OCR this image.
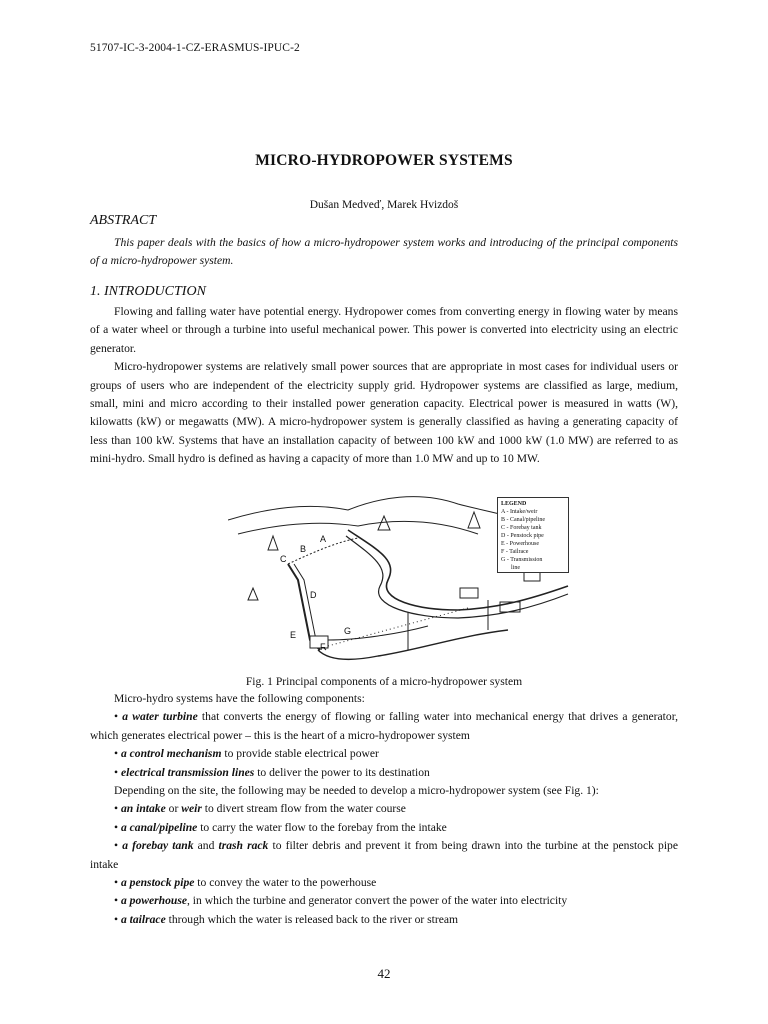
51707-IC-3-2004-1-CZ-ERASMUS-IPUC-2
MICRO-HYDROPOWER SYSTEMS
Dušan Medveď, Marek Hvizdoš
ABSTRACT

This paper deals with the basics of how a micro-hydropower system works and introducing of the principal components of a micro-hydropower system.

1. INTRODUCTION

Flowing and falling water have potential energy. Hydropower comes from converting energy in flowing water by means of a water wheel or through a turbine into useful mechanical power. This power is converted into electricity using an electric generator.

Micro-hydropower systems are relatively small power sources that are appropriate in most cases for individual users or groups of users who are independent of the electricity supply grid. Hydropower systems are classified as large, medium, small, mini and micro according to their installed power generation capacity. Electrical power is measured in watts (W), kilowatts (kW) or megawatts (MW). A micro-hydropower system is generally classified as having a generating capacity of less than 100 kW. Systems that have an installation capacity of between 100 kW and 1000 kW (1.0 MW) are referred to as mini-hydro. Small hydro is defined as having a capacity of more than 1.0 MW and up to 10 MW.

A
B
C
D
E
F
G
LEGEND
A - Intake/weir
B - Canal/pipeline
C - Forebay tank
D - Penstock pipe
E - Powerhouse
F - Tailrace
G - Transmission
line
Fig. 1 Principal components of a micro-hydropower system

Micro-hydro systems have the following components:

• a water turbine that converts the energy of flowing or falling water into mechanical energy that drives a generator, which generates electrical power – this is the heart of a micro-hydropower system

• a control mechanism to provide stable electrical power

• electrical transmission lines to deliver the power to its destination

Depending on the site, the following may be needed to develop a micro-hydropower system (see Fig. 1):

• an intake or weir to divert stream flow from the water course

• a canal/pipeline to carry the water flow to the forebay from the intake

• a forebay tank and trash rack to filter debris and prevent it from being drawn into the turbine at the penstock pipe intake

• a penstock pipe to convey the water to the powerhouse

• a powerhouse, in which the turbine and generator convert the power of the water into electricity

• a tailrace through which the water is released back to the river or stream

42
